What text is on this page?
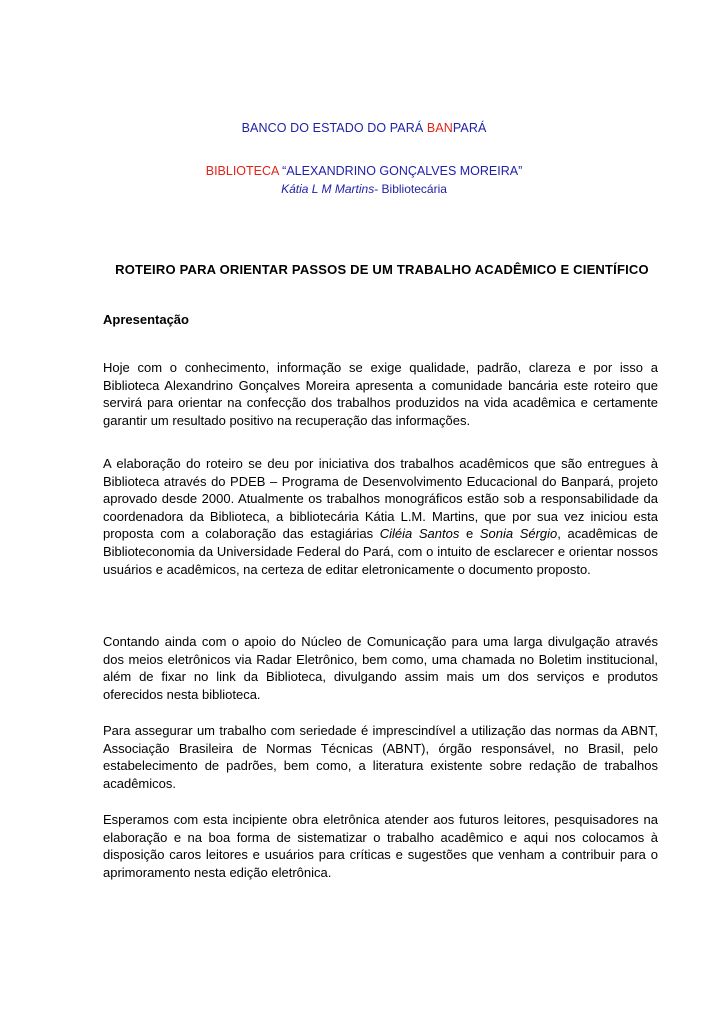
BANCO DO ESTADO DO PARÁ BANPARÁ
BIBLIOTECA “ALEXANDRINO GONÇALVES MOREIRA”
Kátia L M Martins- Bibliotecária
ROTEIRO PARA ORIENTAR PASSOS DE UM TRABALHO ACADÊMICO E CIENTÍFICO
Apresentação

Hoje com o conhecimento, informação se exige qualidade, padrão, clareza e por isso a Biblioteca Alexandrino Gonçalves Moreira apresenta a comunidade bancária este roteiro que servirá para orientar na confecção dos trabalhos produzidos na vida acadêmica e certamente garantir um resultado positivo na recuperação das informações.

A elaboração do roteiro se deu por iniciativa dos trabalhos acadêmicos que são entregues à Biblioteca através do PDEB – Programa de Desenvolvimento Educacional do Banpará, projeto aprovado desde 2000. Atualmente os trabalhos monográficos estão sob a responsabilidade da coordenadora da Biblioteca, a bibliotecária Kátia L.M. Martins, que por sua vez iniciou esta proposta com a colaboração das estagiárias Ciléia Santos e Sonia Sérgio, acadêmicas de Biblioteconomia da Universidade Federal do Pará, com o intuito de esclarecer e orientar nossos usuários e acadêmicos, na certeza de editar eletronicamente o documento proposto.

Contando ainda com o apoio do Núcleo de Comunicação para uma larga divulgação através dos meios eletrônicos via Radar Eletrônico, bem como, uma chamada no Boletim institucional, além de fixar no link da Biblioteca, divulgando assim mais um dos serviços e produtos oferecidos nesta biblioteca.

Para assegurar um trabalho com seriedade é imprescindível a utilização das normas da ABNT, Associação Brasileira de Normas Técnicas (ABNT), órgão responsável, no Brasil, pelo estabelecimento de padrões, bem como, a literatura existente sobre redação de trabalhos acadêmicos.

Esperamos com esta incipiente obra eletrônica atender aos futuros leitores, pesquisadores na elaboração e na boa forma de sistematizar o trabalho acadêmico e aqui nos colocamos à disposição caros leitores e usuários para críticas e sugestões que venham a contribuir para o aprimoramento nesta edição eletrônica.
